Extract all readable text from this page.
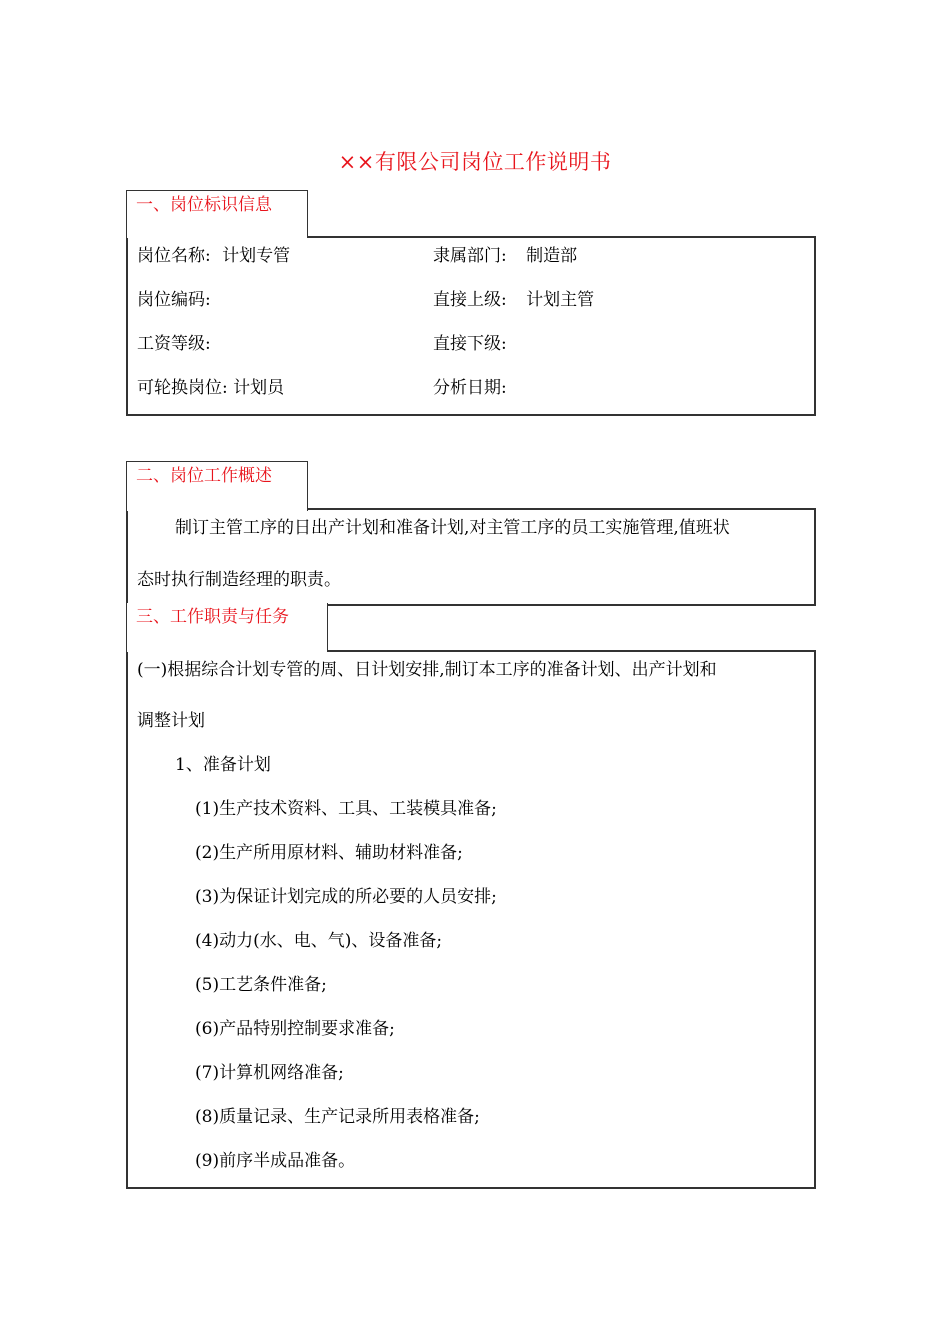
××有限公司岗位工作说明书
一、岗位标识信息
岗位名称: 计划专管	隶属部门: 制造部
岗位编码:	直接上级: 计划主管
工资等级:	直接下级:
可轮换岗位: 计划员	分析日期:
二、岗位工作概述
制订主管工序的日出产计划和准备计划,对主管工序的员工实施管理,值班状
态时执行制造经理的职责。
三、工作职责与任务
(一)根据综合计划专管的周、日计划安排,制订本工序的准备计划、出产计划和
调整计划
1、准备计划
(1)生产技术资料、工具、工装模具准备;
(2)生产所用原材料、辅助材料准备;
(3)为保证计划完成的所必要的人员安排;
(4)动力(水、电、气)、设备准备;
(5)工艺条件准备;
(6)产品特别控制要求准备;
(7)计算机网络准备;
(8)质量记录、生产记录所用表格准备;
(9)前序半成品准备。
